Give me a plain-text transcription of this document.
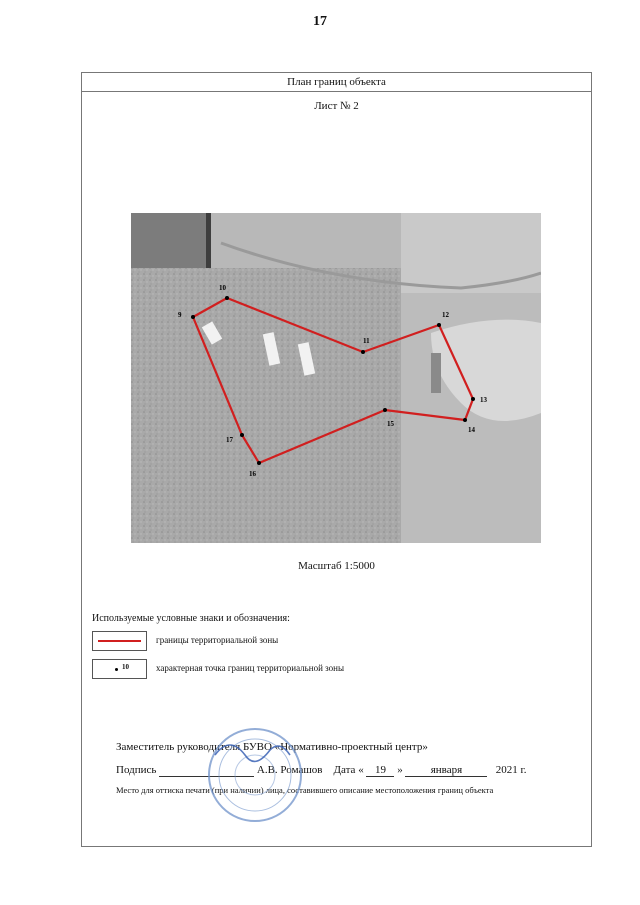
17
План границ объекта
Лист № 2
9
10
11
12
13
14
15
16
17
Масштаб 1:5000
Используемые условные знаки и обозначения:
границы территориальной зоны
10	характерная точка границ территориальной зоны
Заместитель руководителя БУВО «Нормативно-проектный центр»
Подпись	А.В. Ромашов Дата « 19 »	января	2021 г.
Место для оттиска печати (при наличии) лица, составившего описание местоположения границ объекта
